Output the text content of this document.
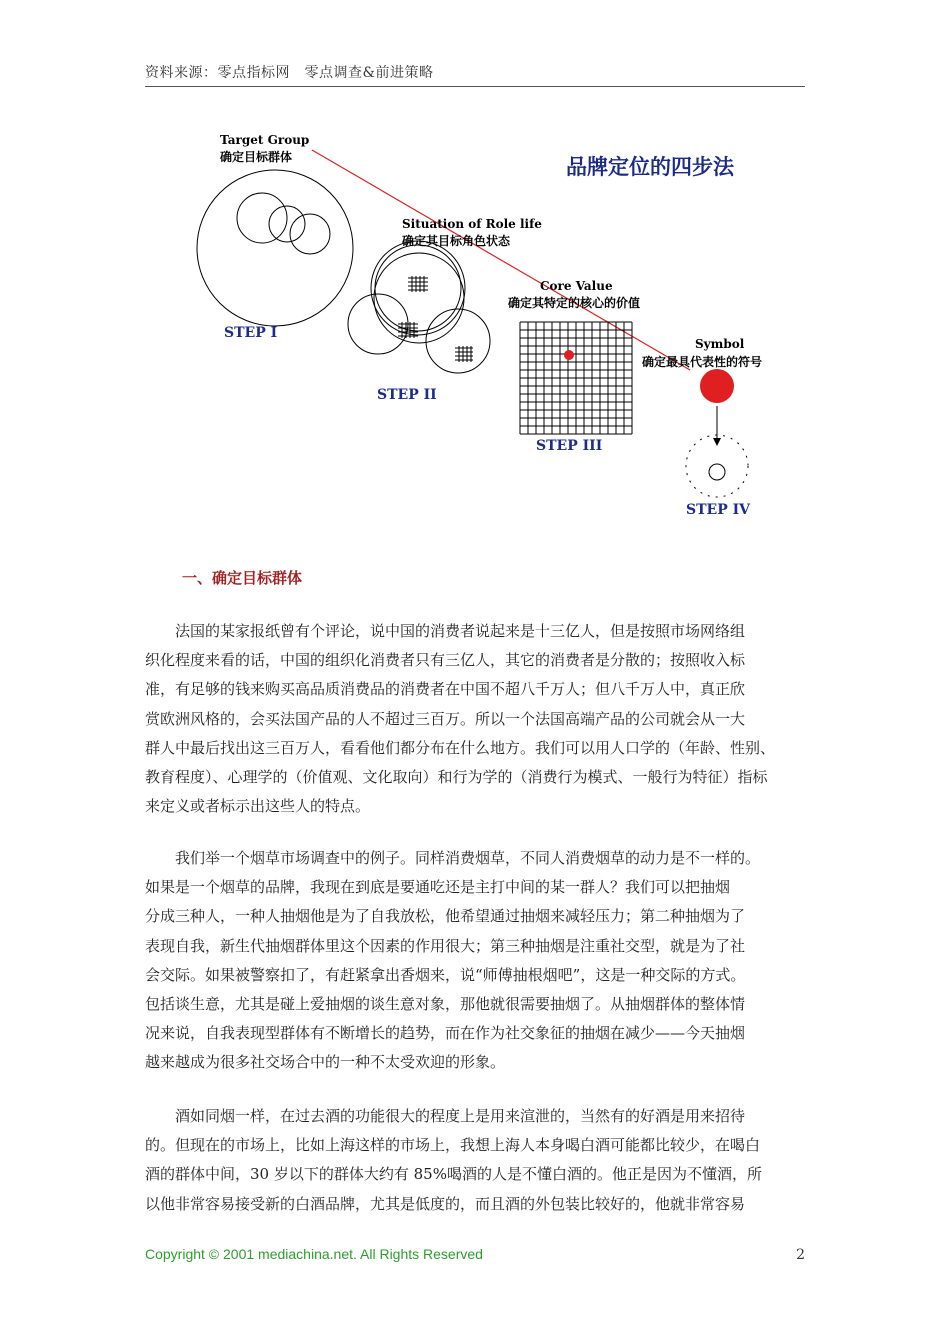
资料来源：零点指标网　零点调查&前进策略
品牌定位的四步法
Target Group
确定目标群体
STEP I
Situation of Role life
确定其目标角色状态
STEP II
Core Value
确定其特定的核心的价值
STEP III
Symbol
确定最具代表性的符号
STEP IV
一、确定目标群体
　　法国的某家报纸曾有个评论，说中国的消费者说起来是十三亿人，但是按照市场网络组
织化程度来看的话，中国的组织化消费者只有三亿人，其它的消费者是分散的；按照收入标
准，有足够的钱来购买高品质消费品的消费者在中国不超八千万人；但八千万人中，真正欣
赏欧洲风格的，会买法国产品的人不超过三百万。所以一个法国高端产品的公司就会从一大
群人中最后找出这三百万人，看看他们都分布在什么地方。我们可以用人口学的（年龄、性别、
教育程度）、心理学的（价值观、文化取向）和行为学的（消费行为模式、一般行为特征）指标
来定义或者标示出这些人的特点。
　　我们举一个烟草市场调查中的例子。同样消费烟草，不同人消费烟草的动力是不一样的。
如果是一个烟草的品牌，我现在到底是要通吃还是主打中间的某一群人？我们可以把抽烟
分成三种人，一种人抽烟他是为了自我放松，他希望通过抽烟来减轻压力；第二种抽烟为了
表现自我，新生代抽烟群体里这个因素的作用很大；第三种抽烟是注重社交型，就是为了社
会交际。如果被警察扣了，有赶紧拿出香烟来，说“师傅抽根烟吧”，这是一种交际的方式。
包括谈生意，尤其是碰上爱抽烟的谈生意对象，那他就很需要抽烟了。从抽烟群体的整体情
况来说，自我表现型群体有不断增长的趋势，而在作为社交象征的抽烟在减少——今天抽烟
越来越成为很多社交场合中的一种不太受欢迎的形象。
　　酒如同烟一样，在过去酒的功能很大的程度上是用来渲泄的，当然有的好酒是用来招待
的。但现在的市场上，比如上海这样的市场上，我想上海人本身喝白酒可能都比较少，在喝白
酒的群体中间，30 岁以下的群体大约有 85%喝酒的人是不懂白酒的。他正是因为不懂酒，所
以他非常容易接受新的白酒品牌，尤其是低度的，而且酒的外包装比较好的，他就非常容易
Copyright © 2001 mediachina.net. All Rights Reserved	2
